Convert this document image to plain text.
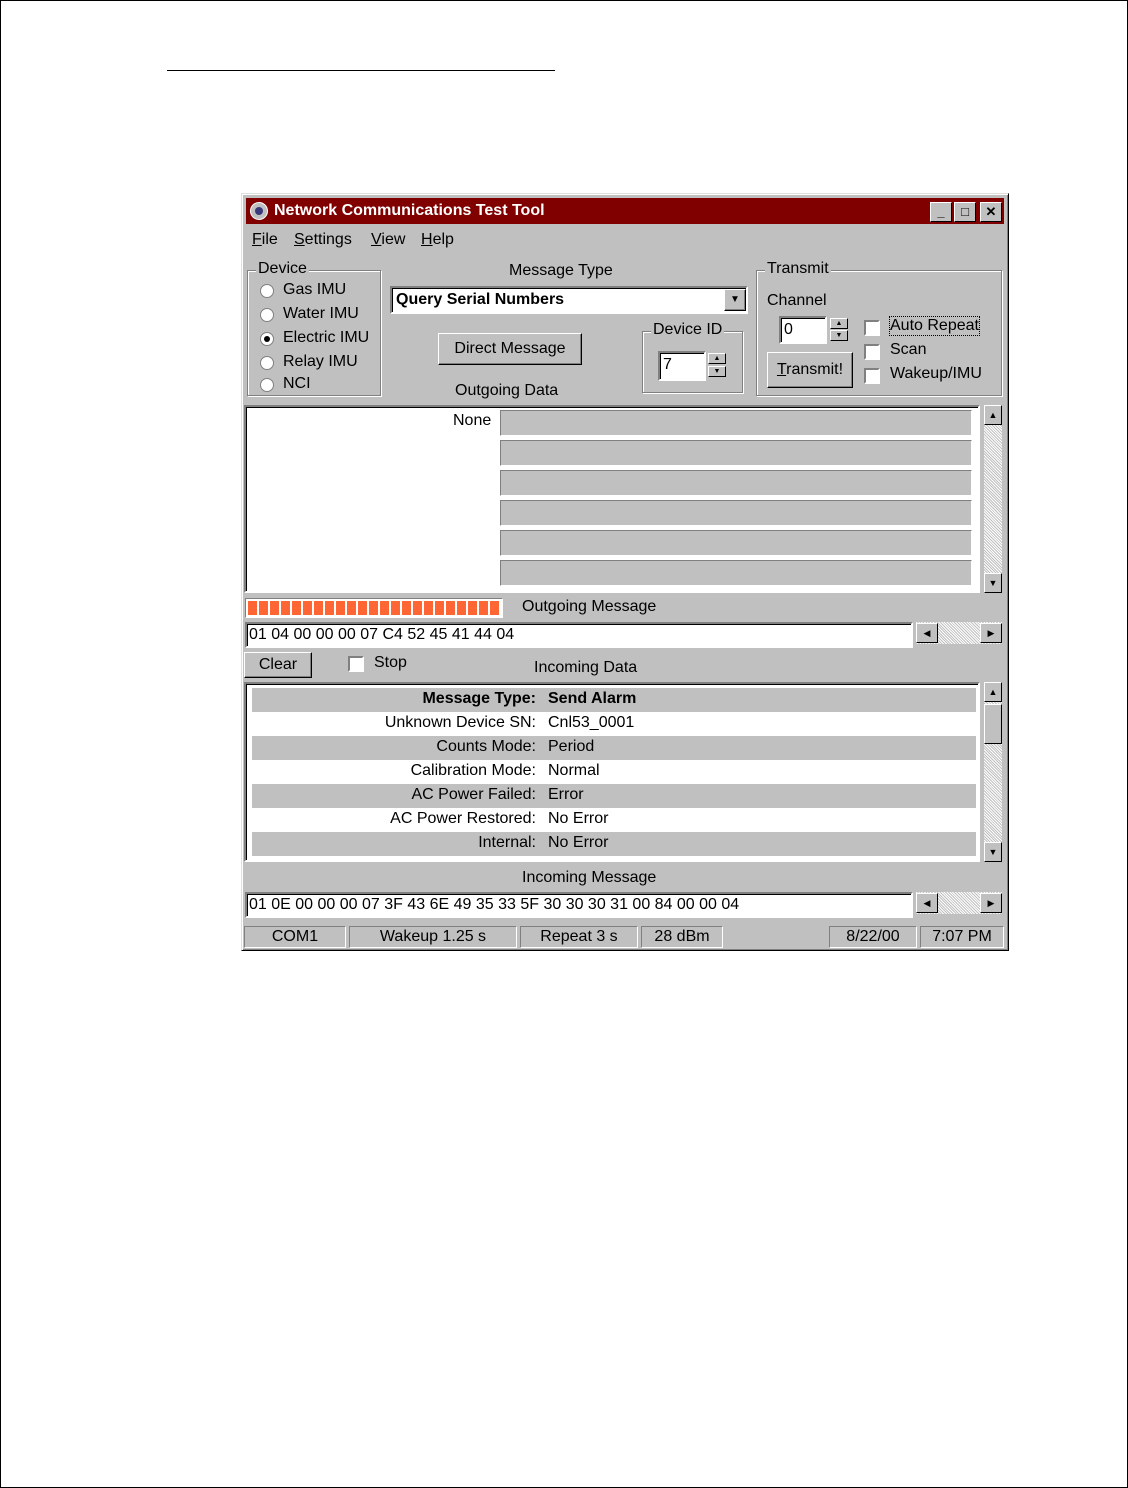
Network Communications Test Tool	_	□	✕
File Settings View Help
Device
Gas IMU
Water IMU
Electric IMU
Relay IMU
NCI
Message Type
Query Serial Numbers	▼
Direct Message
Device ID
7	▲
▼
Outgoing Data
Transmit
Channel
0	▲
▼
Transmit!
Auto Repeat
Scan
Wakeup/IMU
None	▲
▼
Outgoing Message
01 04 00 00 00 07 C4 52 45 41 44 04	◀	▶
Clear	Stop	Incoming Data
Message Type: Send Alarm
Unknown Device SN: Cnl53_0001
Counts Mode: Period
Calibration Mode: Normal
AC Power Failed: Error
AC Power Restored: No Error
Internal: No Error
▲
▼
Incoming Message
01 0E 00 00 00 07 3F 43 6E 49 35 33 5F 30 30 30 31 00 84 00 00 04	◀	▶
COM1	Wakeup 1.25 s	Repeat 3 s	28 dBm	8/22/00	7:07 PM
